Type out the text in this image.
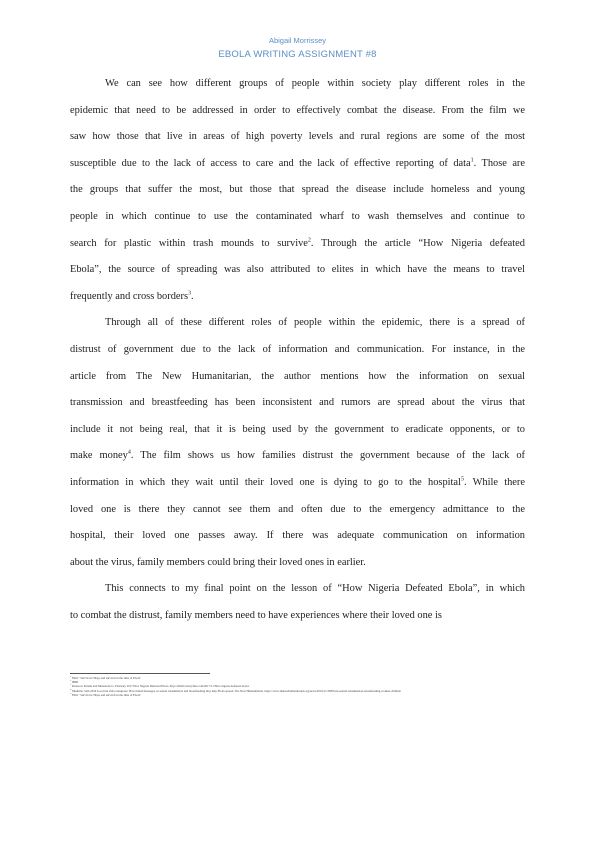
Abigail Morrissey
EBOLA WRITING ASSIGNMENT #8
We can see how different groups of people within society play different roles in the
epidemic that need to be addressed in order to effectively combat the disease. From the film we
saw how those that live in areas of high poverty levels and rural regions are some of the most
susceptible due to the lack of access to care and the lack of effective reporting of data$^1$. Those are
the groups that suffer the most, but those that spread the disease include homeless and young
people in which continue to use the contaminated wharf to wash themselves and continue to
search for plastic within trash mounds to survive$^2$. Through the article “How Nigeria defeated
Ebola”, the source of spreading was also attributed to elites in which have the means to travel
frequently and cross borders$^3$.
Through all of these different roles of people within the epidemic, there is a spread of
distrust of government due to the lack of information and communication. For instance, in the
article from The New Humanitarian, the author mentions how the information on sexual
transmission and breastfeeding has been inconsistent and rumors are spread about the virus that
include it not being real, that it is being used by the government to eradicate opponents, or to
make money$^4$. The film shows us how families distrust the government because of the lack of
information in which they wait until their loved one is dying to go to the hospital$^5$. While there
loved one is there they cannot see them and often due to the emergency admittance to the
hospital, their loved one passes away. If there was adequate communication on information
about the virus, family members could bring their loved ones in earlier.
This connects to my final point on the lesson of “How Nigeria Defeated Ebola”, in which
to combat the distrust, family members need to have experiences where their loved one is
$^1$ Film: ‘Survivors: Hope and survival in the time of Ebola’
$^2$ IBID
$^3$ Peterson, Kristin and Mezunobe G. February 2017 How Nigeria Defeated Ebola. http://allafricastoryline.com/2017/11/How-nigeria-defeated-ebola/
$^4$ Mednick, Sam 2019 Good but still contagious: How mixed messages on sexual transmission and breastfeeding may help Ebola spread. The New Humanitarian. https://www.thenewhumanitarian.org/news/2019/11/28/Ebola-sexual-transmission-breastfeeding-women-children
$^5$ Film: ‘Survivors: Hope and survival in the time of Ebola’
